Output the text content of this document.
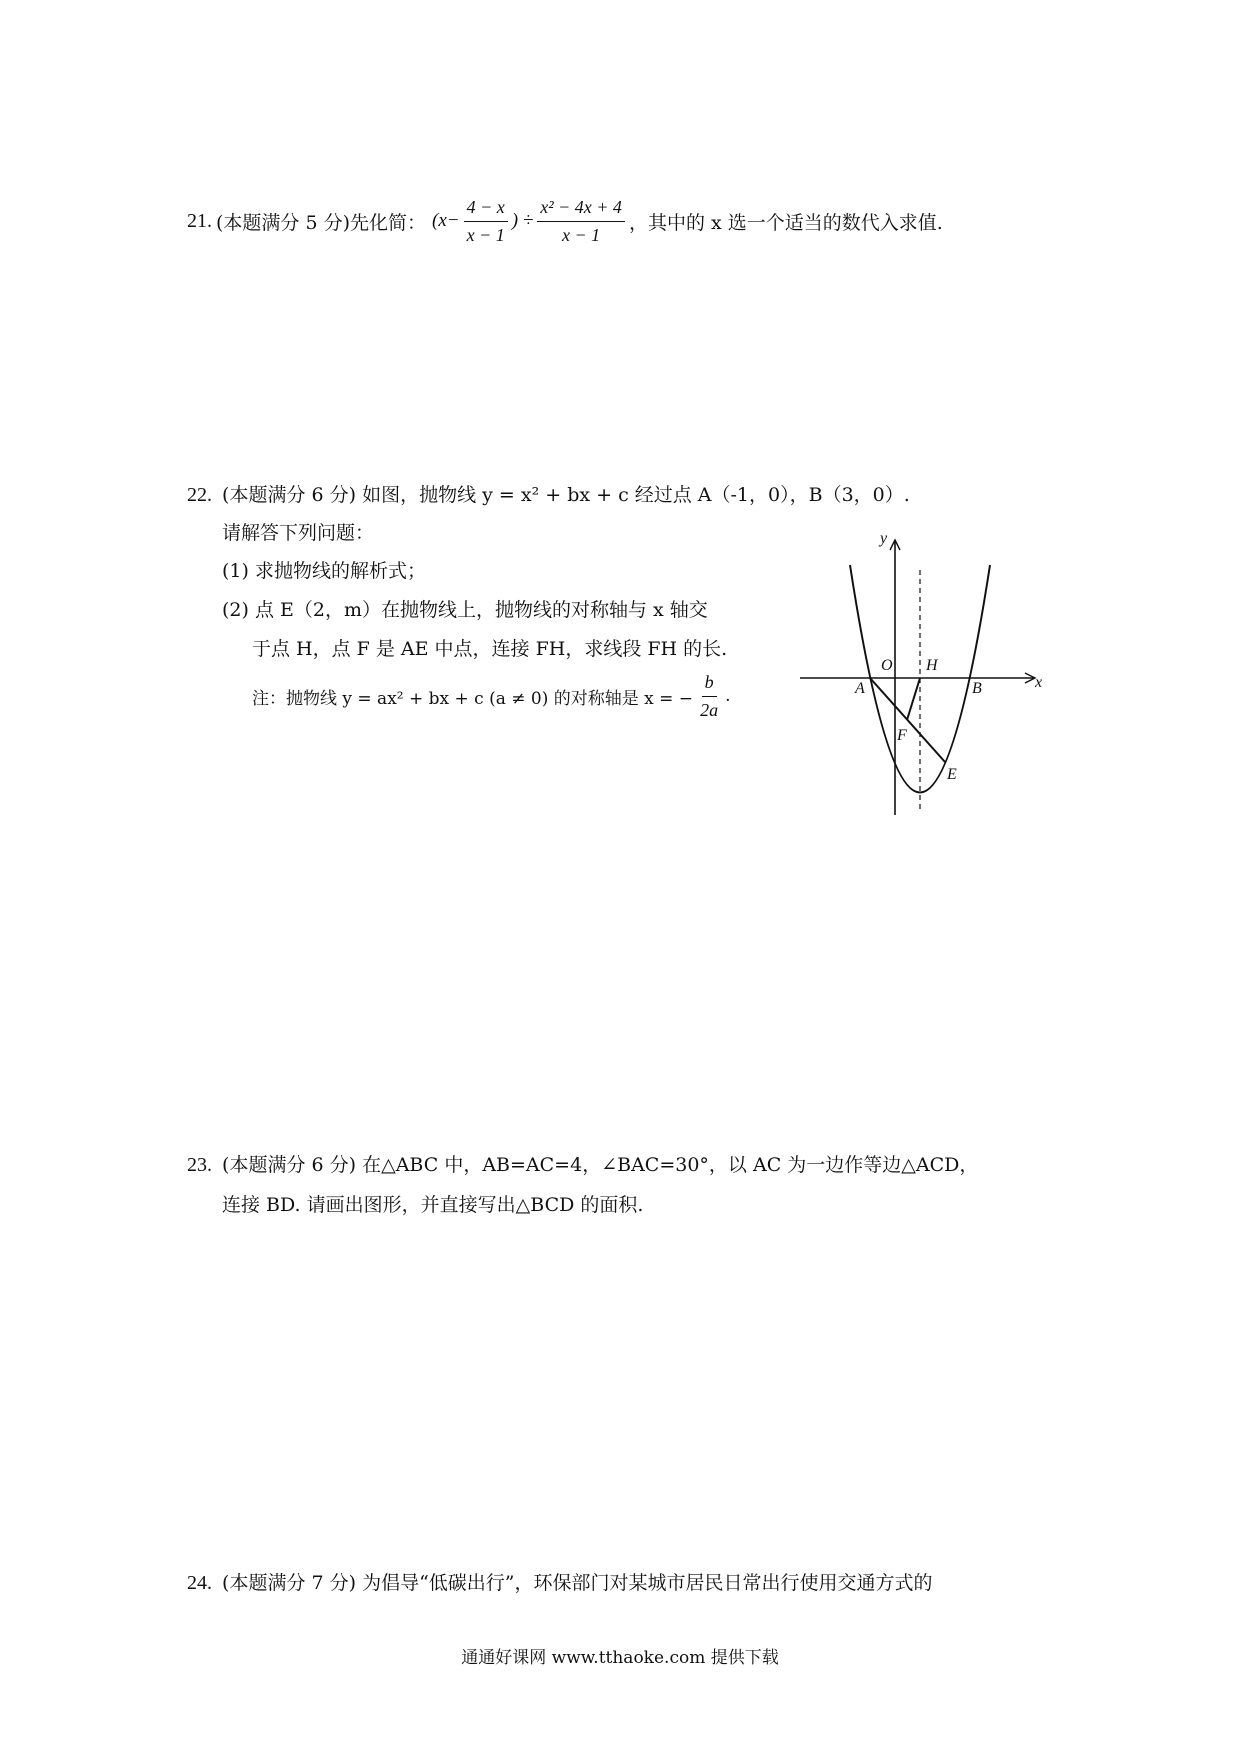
21. (本题满分 5 分) 先化简： ($x- \frac{4 - x}{x - 1}$ ) ÷ $\frac{\text{x² − 4x + 4}}{x - 1}$ ，其中的 x 选一个适当的数代入求值.
22. (本题满分 6 分) 如图，抛物线 y = x² + bx + c 经过点 A（-1，0），B（3，0）.
请解答下列问题：
(1) 求抛物线的解析式；
(2) 点 E（2，m）在抛物线上，抛物线的对称轴与 x 轴交
于点 H，点 F 是 AE 中点，连接 FH，求线段 FH 的长.
注：抛物线 y = ax² + bx + c (a ≠ 0) 的对称轴是 x = − $\frac{b}{2a}$ .
y
x
O H
A	B
F
E
23. (本题满分 6 分) 在△ABC 中，AB=AC=4，∠BAC=30°，以 AC 为一边作等边△ACD，
连接 BD. 请画出图形，并直接写出△BCD 的面积.
24. (本题满分 7 分) 为倡导“低碳出行”，环保部门对某城市居民日常出行使用交通方式的
通通好课网 www.tthaoke.com 提供下载
